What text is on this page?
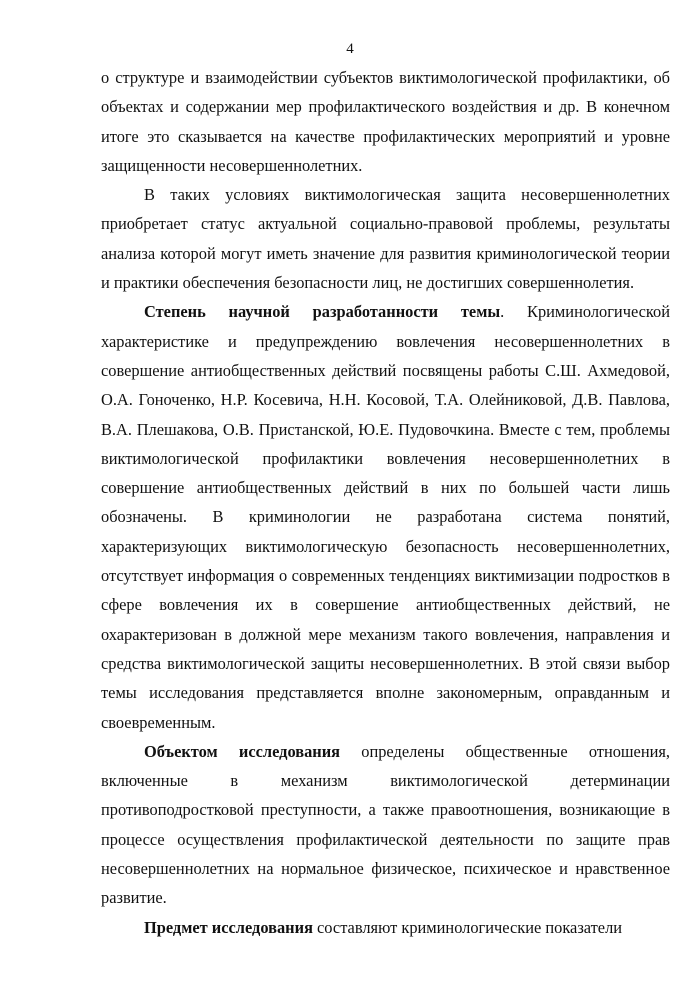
4

о структуре и взаимодействии субъектов виктимологической профилактики, об объектах и содержании мер профилактического воздействия и др. В конечном итоге это сказывается на качестве профилактических мероприятий и уровне защищенности несовершеннолетних.

В таких условиях виктимологическая защита несовершеннолетних приобретает статус актуальной социально-правовой проблемы, результаты анализа которой могут иметь значение для развития криминологической теории и практики обеспечения безопасности лиц, не достигших совершеннолетия.

Степень научной разработанности темы. Криминологической характеристике и предупреждению вовлечения несовершеннолетних в совершение антиобщественных действий посвящены работы С.Ш. Ахмедовой, О.А. Гоноченко, Н.Р. Косевича, Н.Н. Косовой, Т.А. Олейниковой, Д.В. Павлова, В.А. Плешакова, О.В. Пристанской, Ю.Е. Пудовочкина. Вместе с тем, проблемы виктимологической профилактики вовлечения несовершеннолетних в совершение антиобщественных действий в них по большей части лишь обозначены. В криминологии не разработана система понятий, характеризующих виктимологическую безопасность несовершеннолетних, отсутствует информация о современных тенденциях виктимизации подростков в сфере вовлечения их в совершение антиобщественных действий, не охарактеризован в должной мере механизм такого вовлечения, направления и средства виктимологической защиты несовершеннолетних. В этой связи выбор темы исследования представляется вполне закономерным, оправданным и своевременным.

Объектом исследования определены общественные отношения, включенные в механизм виктимологической детерминации противоподростковой преступности, а также правоотношения, возникающие в процессе осуществления профилактической деятельности по защите прав несовершеннолетних на нормальное физическое, психическое и нравственное развитие.

Предмет исследования составляют криминологические показатели
